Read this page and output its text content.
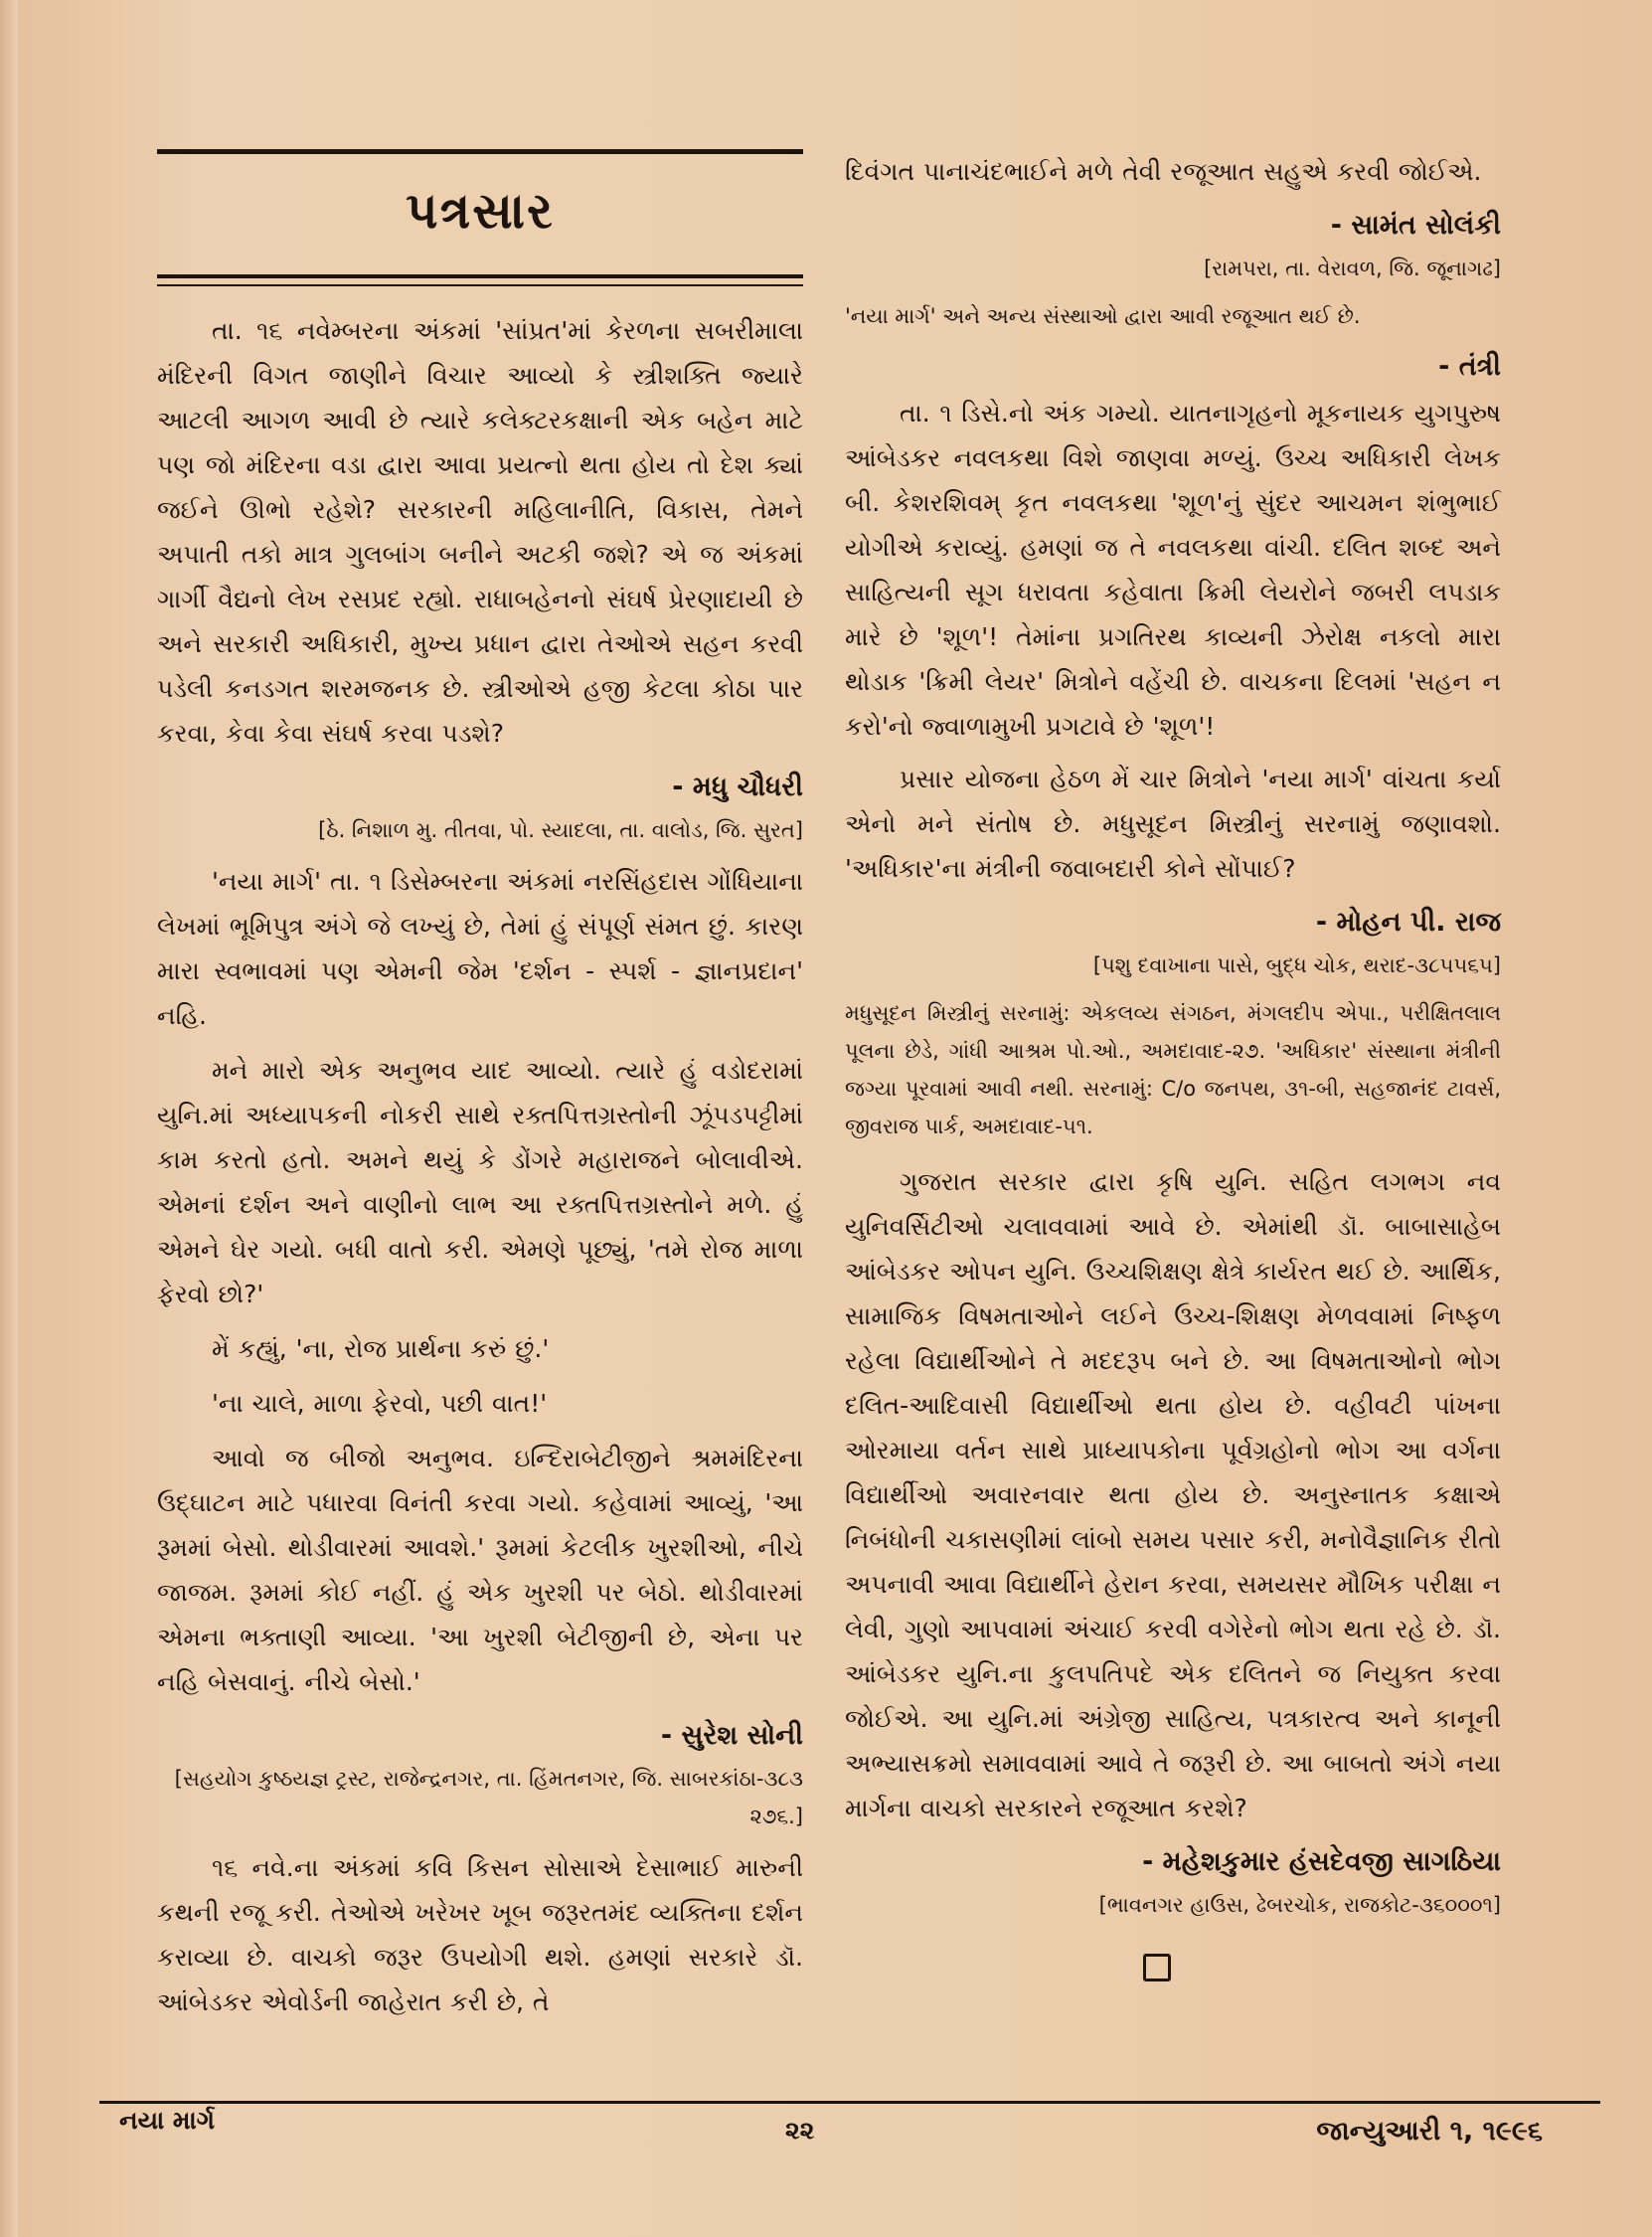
પત્રસાર

તા. ૧૬ નવેમ્બરના અંકમાં 'સાંપ્રત'માં કેરળના સબરીમાલા મંદિરની વિગત જાણીને વિચાર આવ્યો કે સ્ત્રીશક્તિ જ્યારે આટલી આગળ આવી છે ત્યારે કલેક્ટરકક્ષાની એક બહેન માટે પણ જો મંદિરના વડા દ્વારા આવા પ્રયત્નો થતા હોય તો દેશ ક્યાં જઈને ઊભો રહેશે? સરકારની મહિલાનીતિ, વિકાસ, તેમને અપાતી તકો માત્ર ગુલબાંગ બનીને અટકી જશે? એ જ અંકમાં ગાર્ગી વૈદ્યનો લેખ રસપ્રદ રહ્યો. રાધાબહેનનો સંઘર્ષ પ્રેરણાદાયી છે અને સરકારી અધિકારી, મુખ્ય પ્રધાન દ્વારા તેઓએ સહન કરવી પડેલી કનડગત શરમજનક છે. સ્ત્રીઓએ હજી કેટલા કોઠા પાર કરવા, કેવા કેવા સંઘર્ષ કરવા પડશે?

- મધુ ચૌધરી
[ઠે. નિશાળ મુ. તીતવા, પો. સ્યાદલા, તા. વાલોડ, જિ. સુરત]

'નયા માર્ગ' તા. ૧ ડિસેમ્બરના અંકમાં નરસિંહદાસ ગોંધિયાના લેખમાં ભૂમિપુત્ર અંગે જે લખ્યું છે, તેમાં હું સંપૂર્ણ સંમત છું. કારણ મારા સ્વભાવમાં પણ એમની જેમ 'દર્શન - સ્પર્શ - જ્ઞાનપ્રદાન' નહિ.

મને મારો એક અનુભવ યાદ આવ્યો. ત્યારે હું વડોદરામાં યુનિ.માં અધ્યાપકની નોકરી સાથે રક્તપિત્તગ્રસ્તોની ઝૂંપડપટ્ટીમાં કામ કરતો હતો. અમને થયું કે ડોંગરે મહારાજને બોલાવીએ. એમનાં દર્શન અને વાણીનો લાભ આ રક્તપિત્તગ્રસ્તોને મળે. હું એમને ઘેર ગયો. બધી વાતો કરી. એમણે પૂછ્યું, 'તમે રોજ માળા ફેરવો છો?'

મેં કહ્યું, 'ના, રોજ પ્રાર્થના કરું છું.'

'ના ચાલે, માળા ફેરવો, પછી વાત!'

આવો જ બીજો અનુભવ. ઇન્દિરાબેટીજીને શ્રમમંદિરના ઉદ્ઘાટન માટે પધારવા વિનંતી કરવા ગયો. કહેવામાં આવ્યું, 'આ રૂમમાં બેસો. થોડીવારમાં આવશે.' રૂમમાં કેટલીક ખુરશીઓ, નીચે જાજમ. રૂમમાં કોઈ નહીં. હું એક ખુરશી પર બેઠો. થોડીવારમાં એમના ભક્તાણી આવ્યા. 'આ ખુરશી બેટીજીની છે, એના પર નહિ બેસવાનું. નીચે બેસો.'

- સુરેશ સોની
[સહયોગ કુષ્ઠયજ્ઞ ટ્રસ્ટ, રાજેન્દ્રનગર, તા. હિંમતનગર, જિ. સાબરકાંઠા-૩૮૩ ૨૭૬.]

૧૬ નવે.ના અંકમાં કવિ કિસન સોસાએ દેસાભાઈ મારુની કથની રજૂ કરી. તેઓએ ખરેખર ખૂબ જરૂરતમંદ વ્યક્તિના દર્શન કરાવ્યા છે. વાચકો જરૂર ઉપયોગી થશે. હમણાં સરકારે ડૉ. આંબેડકર એવોર્ડની જાહેરાત કરી છે, તે

દિવંગત પાનાચંદભાઈને મળે તેવી રજૂઆત સહુએ કરવી જોઈએ.

- સામંત સોલંકી
[રામપરા, તા. વેરાવળ, જિ. જૂનાગઢ]
'નયા માર્ગ' અને અન્ય સંસ્થાઓ દ્વારા આવી રજૂઆત થઈ છે.
- તંત્રી

તા. ૧ ડિસે.નો અંક ગમ્યો. યાતનાગૃહનો મૂકનાયક યુગપુરુષ આંબેડકર નવલકથા વિશે જાણવા મળ્યું. ઉચ્ચ અધિકારી લેખક બી. કેશરશિવમ્ કૃત નવલકથા 'શૂળ'નું સુંદર આચમન શંભુભાઈ યોગીએ કરાવ્યું. હમણાં જ તે નવલકથા વાંચી. દલિત શબ્દ અને સાહિત્યની સૂગ ધરાવતા કહેવાતા ક્રિમી લેયરોને જબરી લપડાક મારે છે 'શૂળ'! તેમાંના પ્રગતિરથ કાવ્યની ઝેરોક્ષ નકલો મારા થોડાક 'ક્રિમી લેયર' મિત્રોને વહેંચી છે. વાચકના દિલમાં 'સહન ન કરો'નો જ્વાળામુખી પ્રગટાવે છે 'શૂળ'!

પ્રસાર યોજના હેઠળ મેં ચાર મિત્રોને 'નયા માર્ગ' વાંચતા કર્યા એનો મને સંતોષ છે. મધુસૂદન મિસ્ત્રીનું સરનામું જણાવશો. 'અધિકાર'ના મંત્રીની જવાબદારી કોને સોંપાઈ?

- મોહન પી. રાજ
[પશુ દવાખાના પાસે, બુદ્ધ ચોક, થરાદ-૩૮૫૫૬૫]
મધુસૂદન મિસ્ત્રીનું સરનામું: એકલવ્ય સંગઠન, મંગલદીપ એપા., પરીક્ષિતલાલ પૂલના છેડે, ગાંધી આશ્રમ પો.ઓ., અમદાવાદ-૨૭. 'અધિકાર' સંસ્થાના મંત્રીની જગ્યા પૂરવામાં આવી નથી. સરનામું: C/o જનપથ, ૩૧-બી, સહજાનંદ ટાવર્સ, જીવરાજ પાર્ક, અમદાવાદ-૫૧.

ગુજરાત સરકાર દ્વારા કૃષિ યુનિ. સહિત લગભગ નવ યુનિવર્સિટીઓ ચલાવવામાં આવે છે. એમાંથી ડૉ. બાબાસાહેબ આંબેડકર ઓપન યુનિ. ઉચ્ચશિક્ષણ ક્ષેત્રે કાર્યરત થઈ છે. આર્થિક, સામાજિક વિષમતાઓને લઈને ઉચ્ચ-શિક્ષણ મેળવવામાં નિષ્ફળ રહેલા વિદ્યાર્થીઓને તે મદદરૂપ બને છે. આ વિષમતાઓનો ભોગ દલિત-આદિવાસી વિદ્યાર્થીઓ થતા હોય છે. વહીવટી પાંખના ઓરમાયા વર્તન સાથે પ્રાધ્યાપકોના પૂર્વગ્રહોનો ભોગ આ વર્ગના વિદ્યાર્થીઓ અવારનવાર થતા હોય છે. અનુસ્નાતક કક્ષાએ નિબંધોની ચકાસણીમાં લાંબો સમય પસાર કરી, મનોવૈજ્ઞાનિક રીતો અપનાવી આવા વિદ્યાર્થીને હેરાન કરવા, સમયસર મૌખિક પરીક્ષા ન લેવી, ગુણો આપવામાં અંચાઈ કરવી વગેરેનો ભોગ થતા રહે છે. ડૉ. આંબેડકર યુનિ.ના કુલપતિપદે એક દલિતને જ નિયુક્ત કરવા જોઈએ. આ યુનિ.માં અંગ્રેજી સાહિત્ય, પત્રકારત્વ અને કાનૂની અભ્યાસક્રમો સમાવવામાં આવે તે જરૂરી છે. આ બાબતો અંગે નયા માર્ગના વાચકો સરકારને રજૂઆત કરશે?

- મહેશકુમાર હંસદેવજી સાગઠિયા
[ભાવનગર હાઉસ, ઢેબરચોક, રાજકોટ-૩૬૦૦૦૧]
નયા માર્ગ	૨૨	જાન્યુઆરી ૧, ૧૯૯૬
